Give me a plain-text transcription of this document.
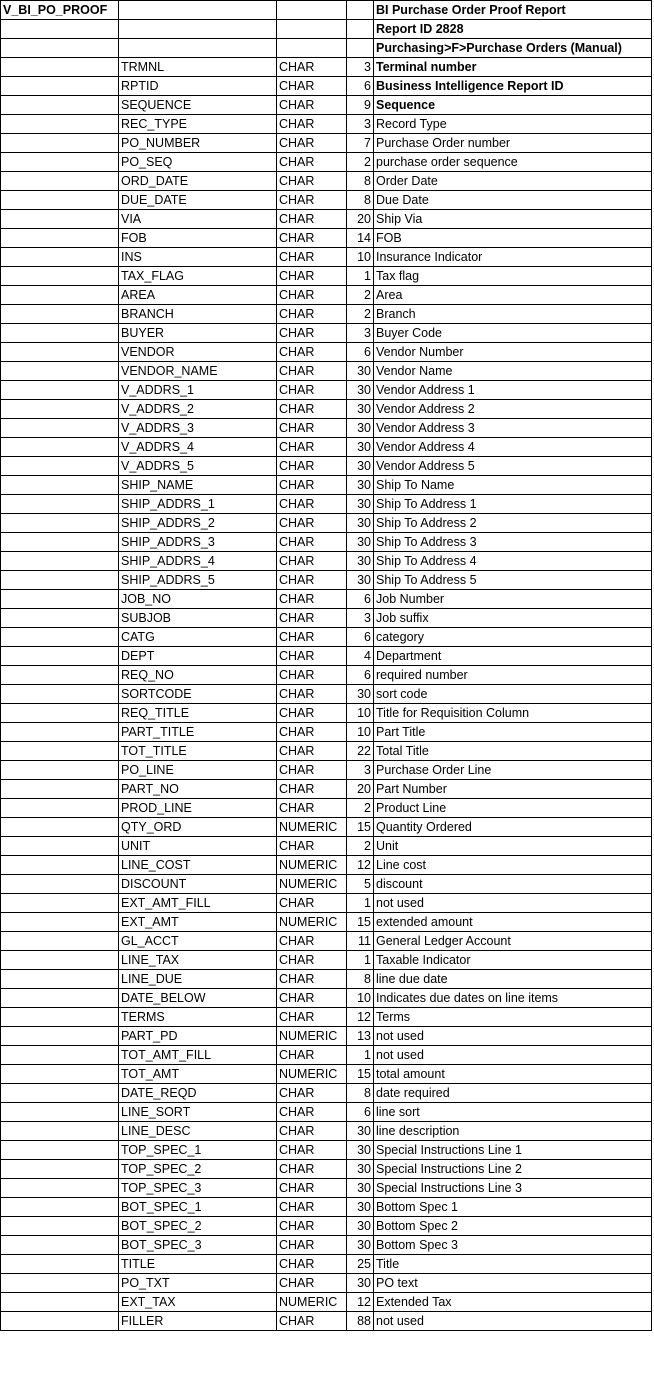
V_BI_PO_PROOF				BI Purchase Order Proof Report
				Report ID 2828
				Purchasing>F>Purchase Orders (Manual)
	TRMNL	CHAR	3	Terminal number
	RPTID	CHAR	6	Business Intelligence Report ID
	SEQUENCE	CHAR	9	Sequence
	REC_TYPE	CHAR	3	Record Type
	PO_NUMBER	CHAR	7	Purchase Order number
	PO_SEQ	CHAR	2	purchase order sequence
	ORD_DATE	CHAR	8	Order Date
	DUE_DATE	CHAR	8	Due Date
	VIA	CHAR	20	Ship Via
	FOB	CHAR	14	FOB
	INS	CHAR	10	Insurance Indicator
	TAX_FLAG	CHAR	1	Tax flag
	AREA	CHAR	2	Area
	BRANCH	CHAR	2	Branch
	BUYER	CHAR	3	Buyer Code
	VENDOR	CHAR	6	Vendor Number
	VENDOR_NAME	CHAR	30	Vendor Name
	V_ADDRS_1	CHAR	30	Vendor Address 1
	V_ADDRS_2	CHAR	30	Vendor Address 2
	V_ADDRS_3	CHAR	30	Vendor Address 3
	V_ADDRS_4	CHAR	30	Vendor Address 4
	V_ADDRS_5	CHAR	30	Vendor Address 5
	SHIP_NAME	CHAR	30	Ship To Name
	SHIP_ADDRS_1	CHAR	30	Ship To Address 1
	SHIP_ADDRS_2	CHAR	30	Ship To Address 2
	SHIP_ADDRS_3	CHAR	30	Ship To Address 3
	SHIP_ADDRS_4	CHAR	30	Ship To Address 4
	SHIP_ADDRS_5	CHAR	30	Ship To Address 5
	JOB_NO	CHAR	6	Job Number
	SUBJOB	CHAR	3	Job suffix
	CATG	CHAR	6	category
	DEPT	CHAR	4	Department
	REQ_NO	CHAR	6	required number
	SORTCODE	CHAR	30	sort code
	REQ_TITLE	CHAR	10	Title for Requisition Column
	PART_TITLE	CHAR	10	Part Title
	TOT_TITLE	CHAR	22	Total Title
	PO_LINE	CHAR	3	Purchase Order Line
	PART_NO	CHAR	20	Part Number
	PROD_LINE	CHAR	2	Product Line
	QTY_ORD	NUMERIC	15	Quantity Ordered
	UNIT	CHAR	2	Unit
	LINE_COST	NUMERIC	12	Line cost
	DISCOUNT	NUMERIC	5	discount
	EXT_AMT_FILL	CHAR	1	not used
	EXT_AMT	NUMERIC	15	extended amount
	GL_ACCT	CHAR	11	General Ledger Account
	LINE_TAX	CHAR	1	Taxable Indicator
	LINE_DUE	CHAR	8	line due date
	DATE_BELOW	CHAR	10	Indicates due dates on line items
	TERMS	CHAR	12	Terms
	PART_PD	NUMERIC	13	not used
	TOT_AMT_FILL	CHAR	1	not used
	TOT_AMT	NUMERIC	15	total amount
	DATE_REQD	CHAR	8	date required
	LINE_SORT	CHAR	6	line sort
	LINE_DESC	CHAR	30	line description
	TOP_SPEC_1	CHAR	30	Special Instructions Line 1
	TOP_SPEC_2	CHAR	30	Special Instructions Line 2
	TOP_SPEC_3	CHAR	30	Special Instructions Line 3
	BOT_SPEC_1	CHAR	30	Bottom Spec 1
	BOT_SPEC_2	CHAR	30	Bottom Spec 2
	BOT_SPEC_3	CHAR	30	Bottom Spec 3
	TITLE	CHAR	25	Title
	PO_TXT	CHAR	30	PO text
	EXT_TAX	NUMERIC	12	Extended Tax
	FILLER	CHAR	88	not used
